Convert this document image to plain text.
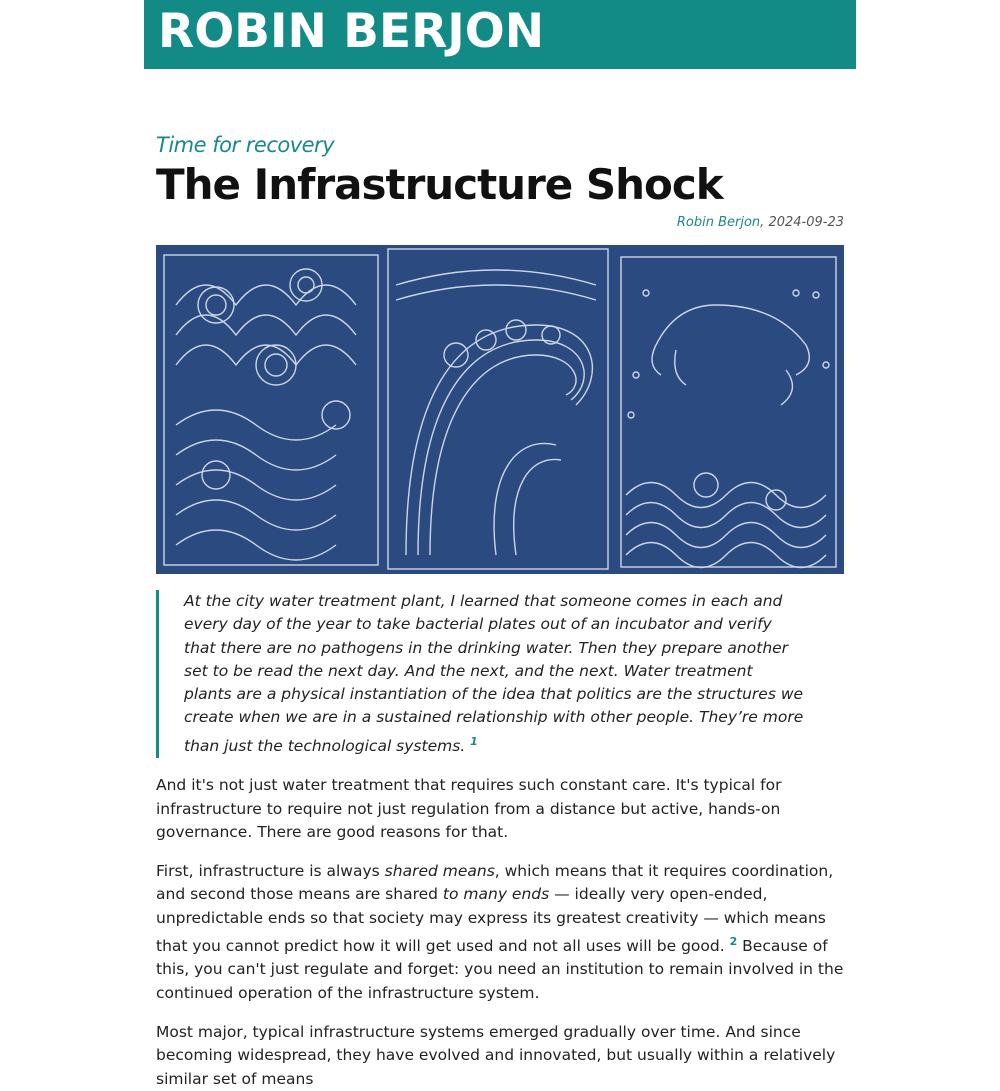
ROBIN BERJON
Time for recovery
The Infrastructure Shock
Robin Berjon, 2024-09-23

At the city water treatment plant, I learned that someone comes in each and every day of the year to take bacterial plates out of an incubator and verify that there are no pathogens in the drinking water. Then they prepare another set to be read the next day. And the next, and the next. Water treatment plants are a physical instantiation of the idea that politics are the structures we create when we are in a sustained relationship with other people. They’re more than just the technological systems. $^1$

And it's not just water treatment that requires such constant care. It's typical for infrastructure to require not just regulation from a distance but active, hands-on governance. There are good reasons for that.

First, infrastructure is always shared means, which means that it requires coordination, and second those means are shared to many ends — ideally very open-ended, unpredictable ends so that society may express its greatest creativity — which means that you cannot predict how it will get used and not all uses will be good. $^2$ Because of this, you can't just regulate and forget: you need an institution to remain involved in the continued operation of the infrastructure system.

Most major, typical infrastructure systems emerged gradually over time. And since becoming widespread, they have evolved and innovated, but usually within a relatively similar set of means
